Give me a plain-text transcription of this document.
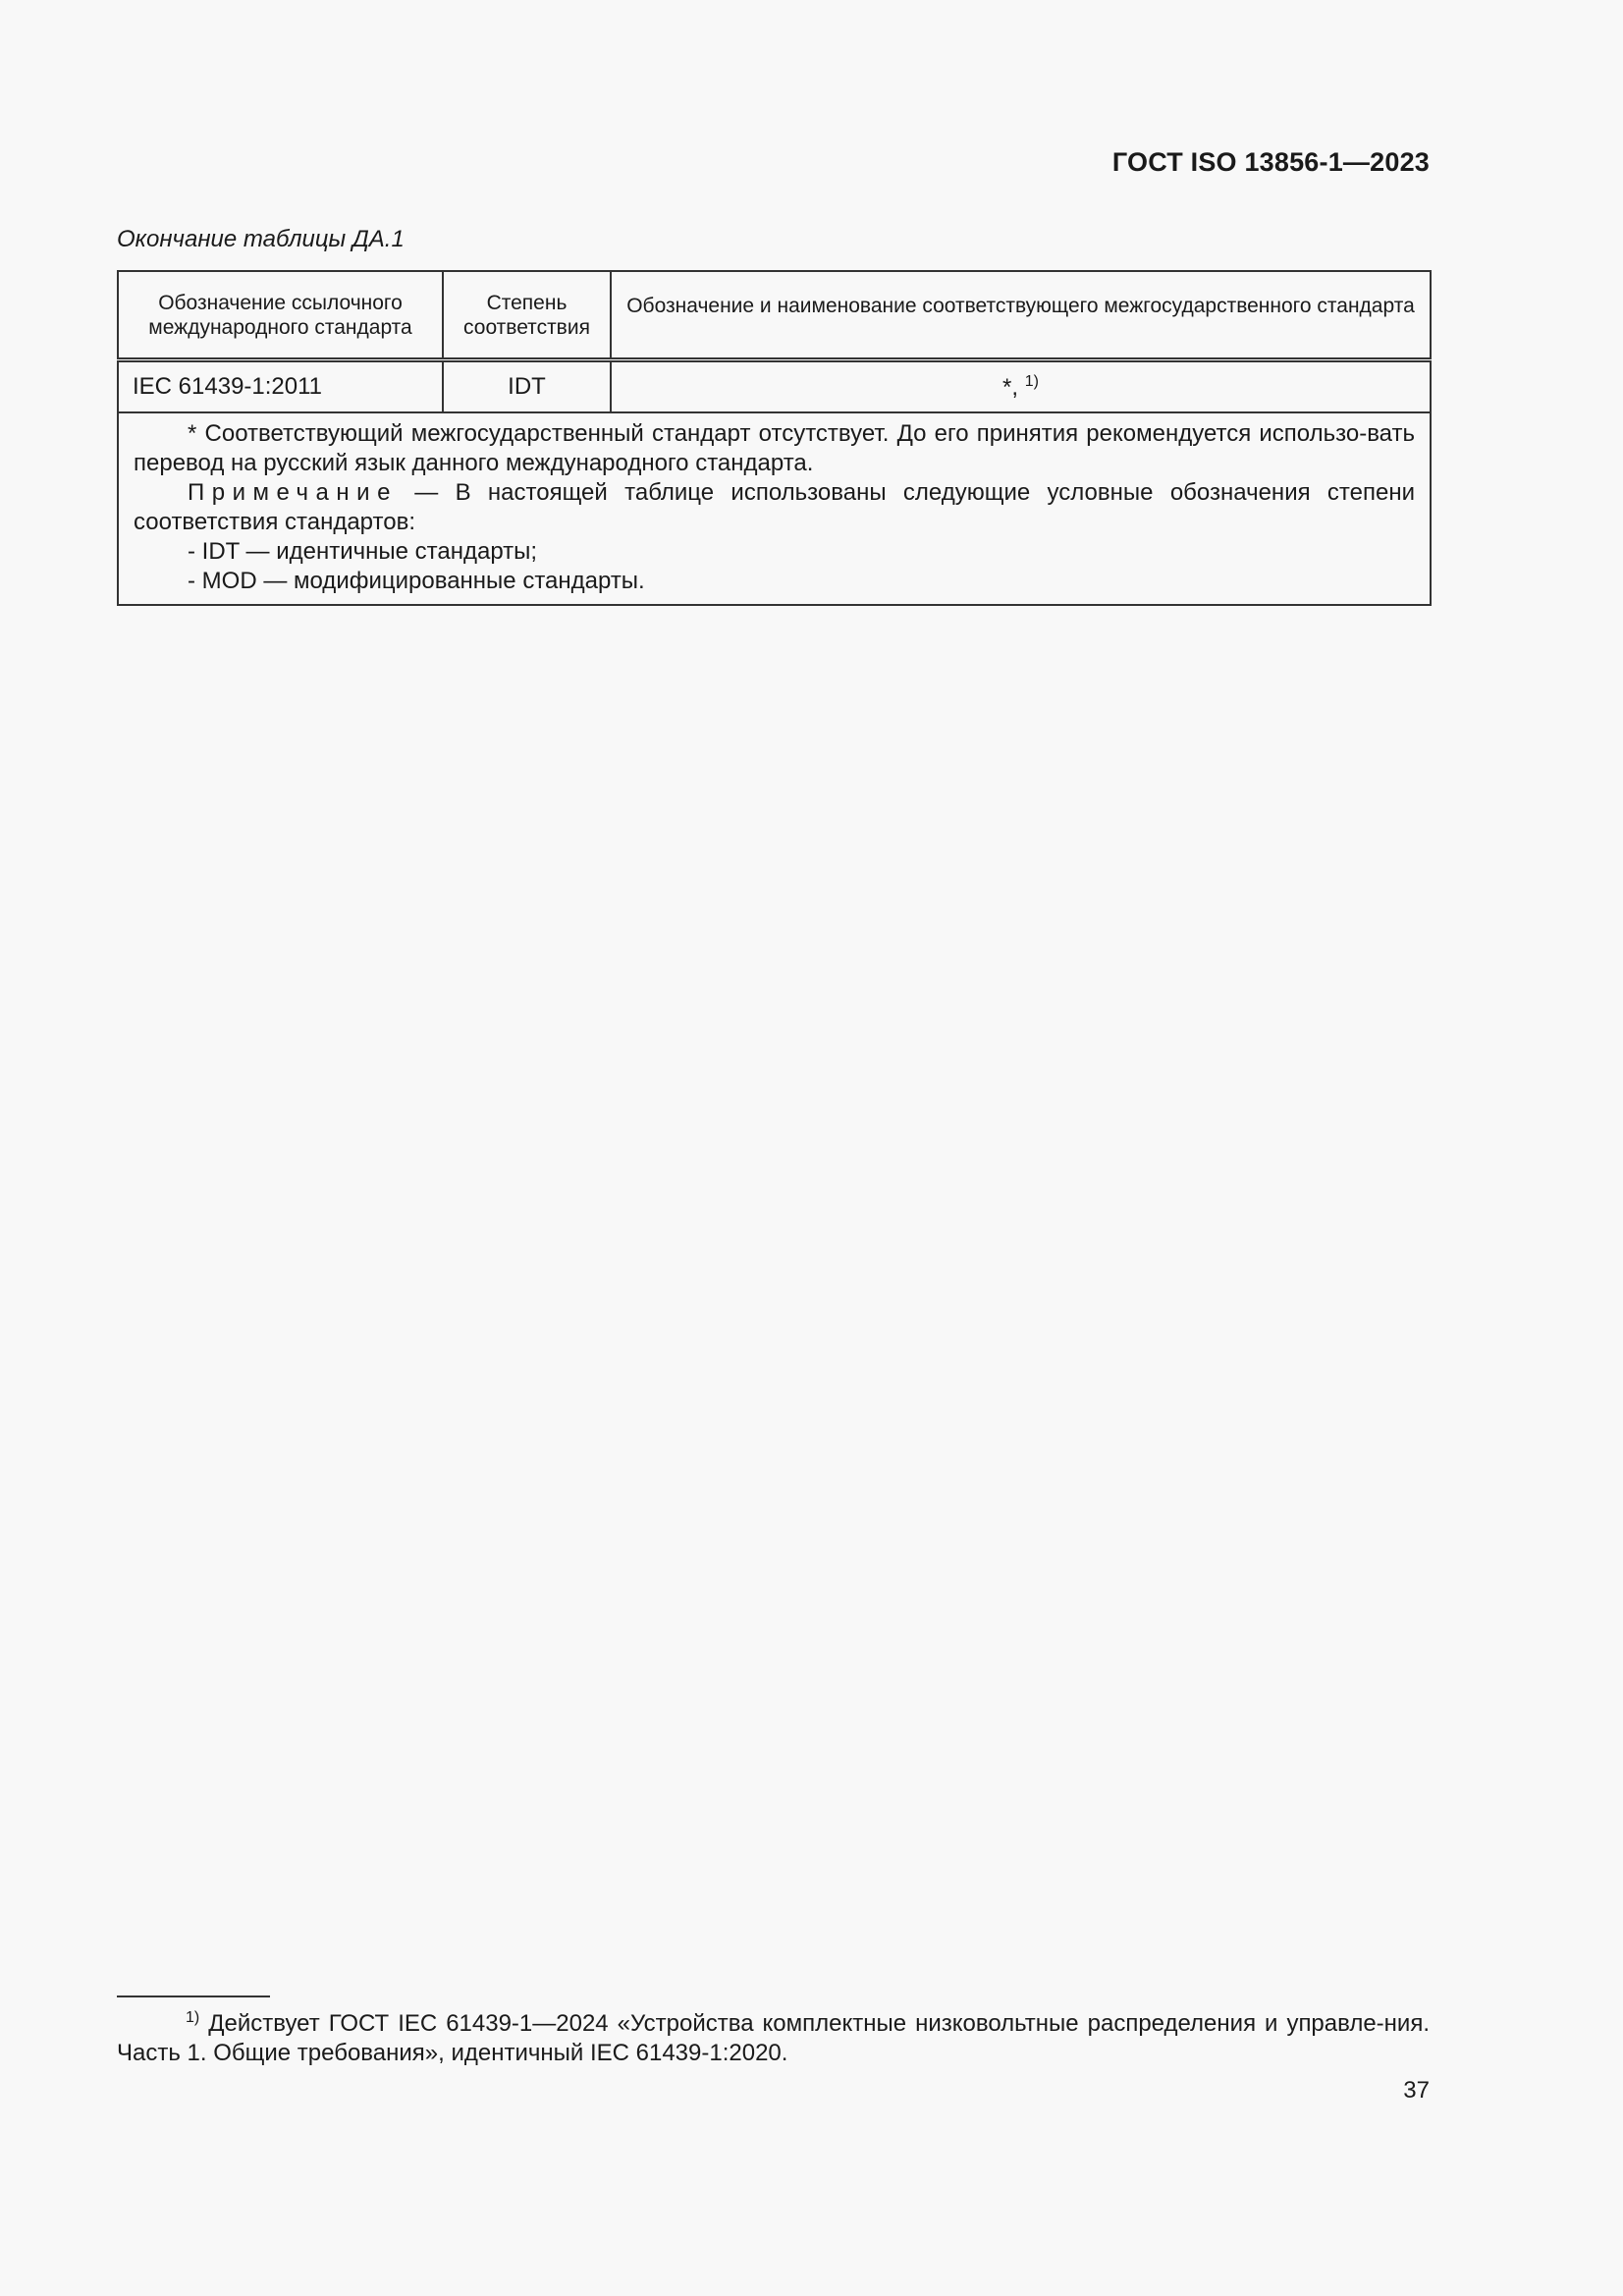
ГОСТ ISO 13856-1—2023
Окончание таблицы ДА.1
Обозначение ссылочного международного стандарта	Степень соответствия	Обозначение и наименование соответствующего межгосударственного стандарта
IEC 61439-1:2011	IDT	*, $^{1)}$

* Соответствующий межгосударственный стандарт отсутствует. До его принятия рекомендуется использо-вать перевод на русский язык данного международного стандарта.

Примечание — В настоящей таблице использованы следующие условные обозначения степени соответствия стандартов:

- IDT — идентичные стандарты;

- MOD — модифицированные стандарты.		

$^{1)}$ Действует ГОСТ IEC 61439-1—2024 «Устройства комплектные низковольтные распределения и управле-ния. Часть 1. Общие требования», идентичный IEC 61439-1:2020.
37
